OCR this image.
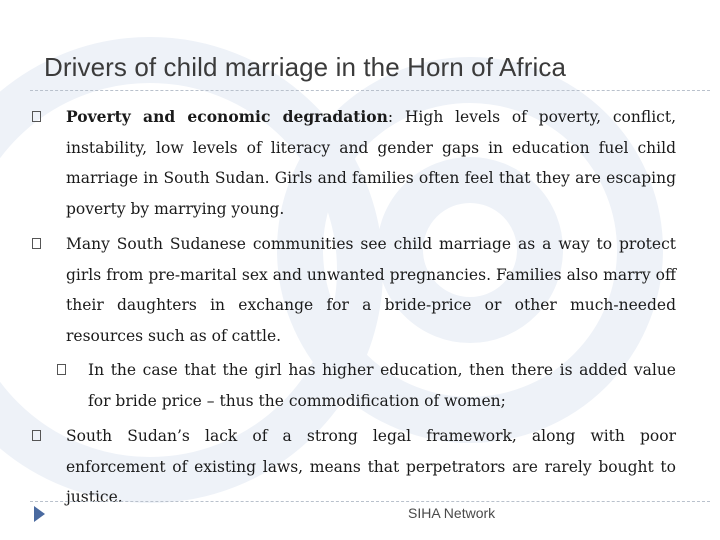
Drivers of child marriage in the Horn of Africa
Poverty and economic degradation: High levels of poverty, conflict, instability, low levels of literacy and gender gaps in education fuel child marriage in South Sudan. Girls and families often feel that they are escaping poverty by marrying young.
Many South Sudanese communities see child marriage as a way to protect girls from pre-marital sex and unwanted pregnancies. Families also marry off their daughters in exchange for a bride-price or other much-needed resources such as of cattle.
In the case that the girl has higher education, then there is added value for bride price – thus the commodification of women;
South Sudan’s lack of a strong legal framework, along with poor enforcement of existing laws, means that perpetrators are rarely bought to justice.
SIHA Network
